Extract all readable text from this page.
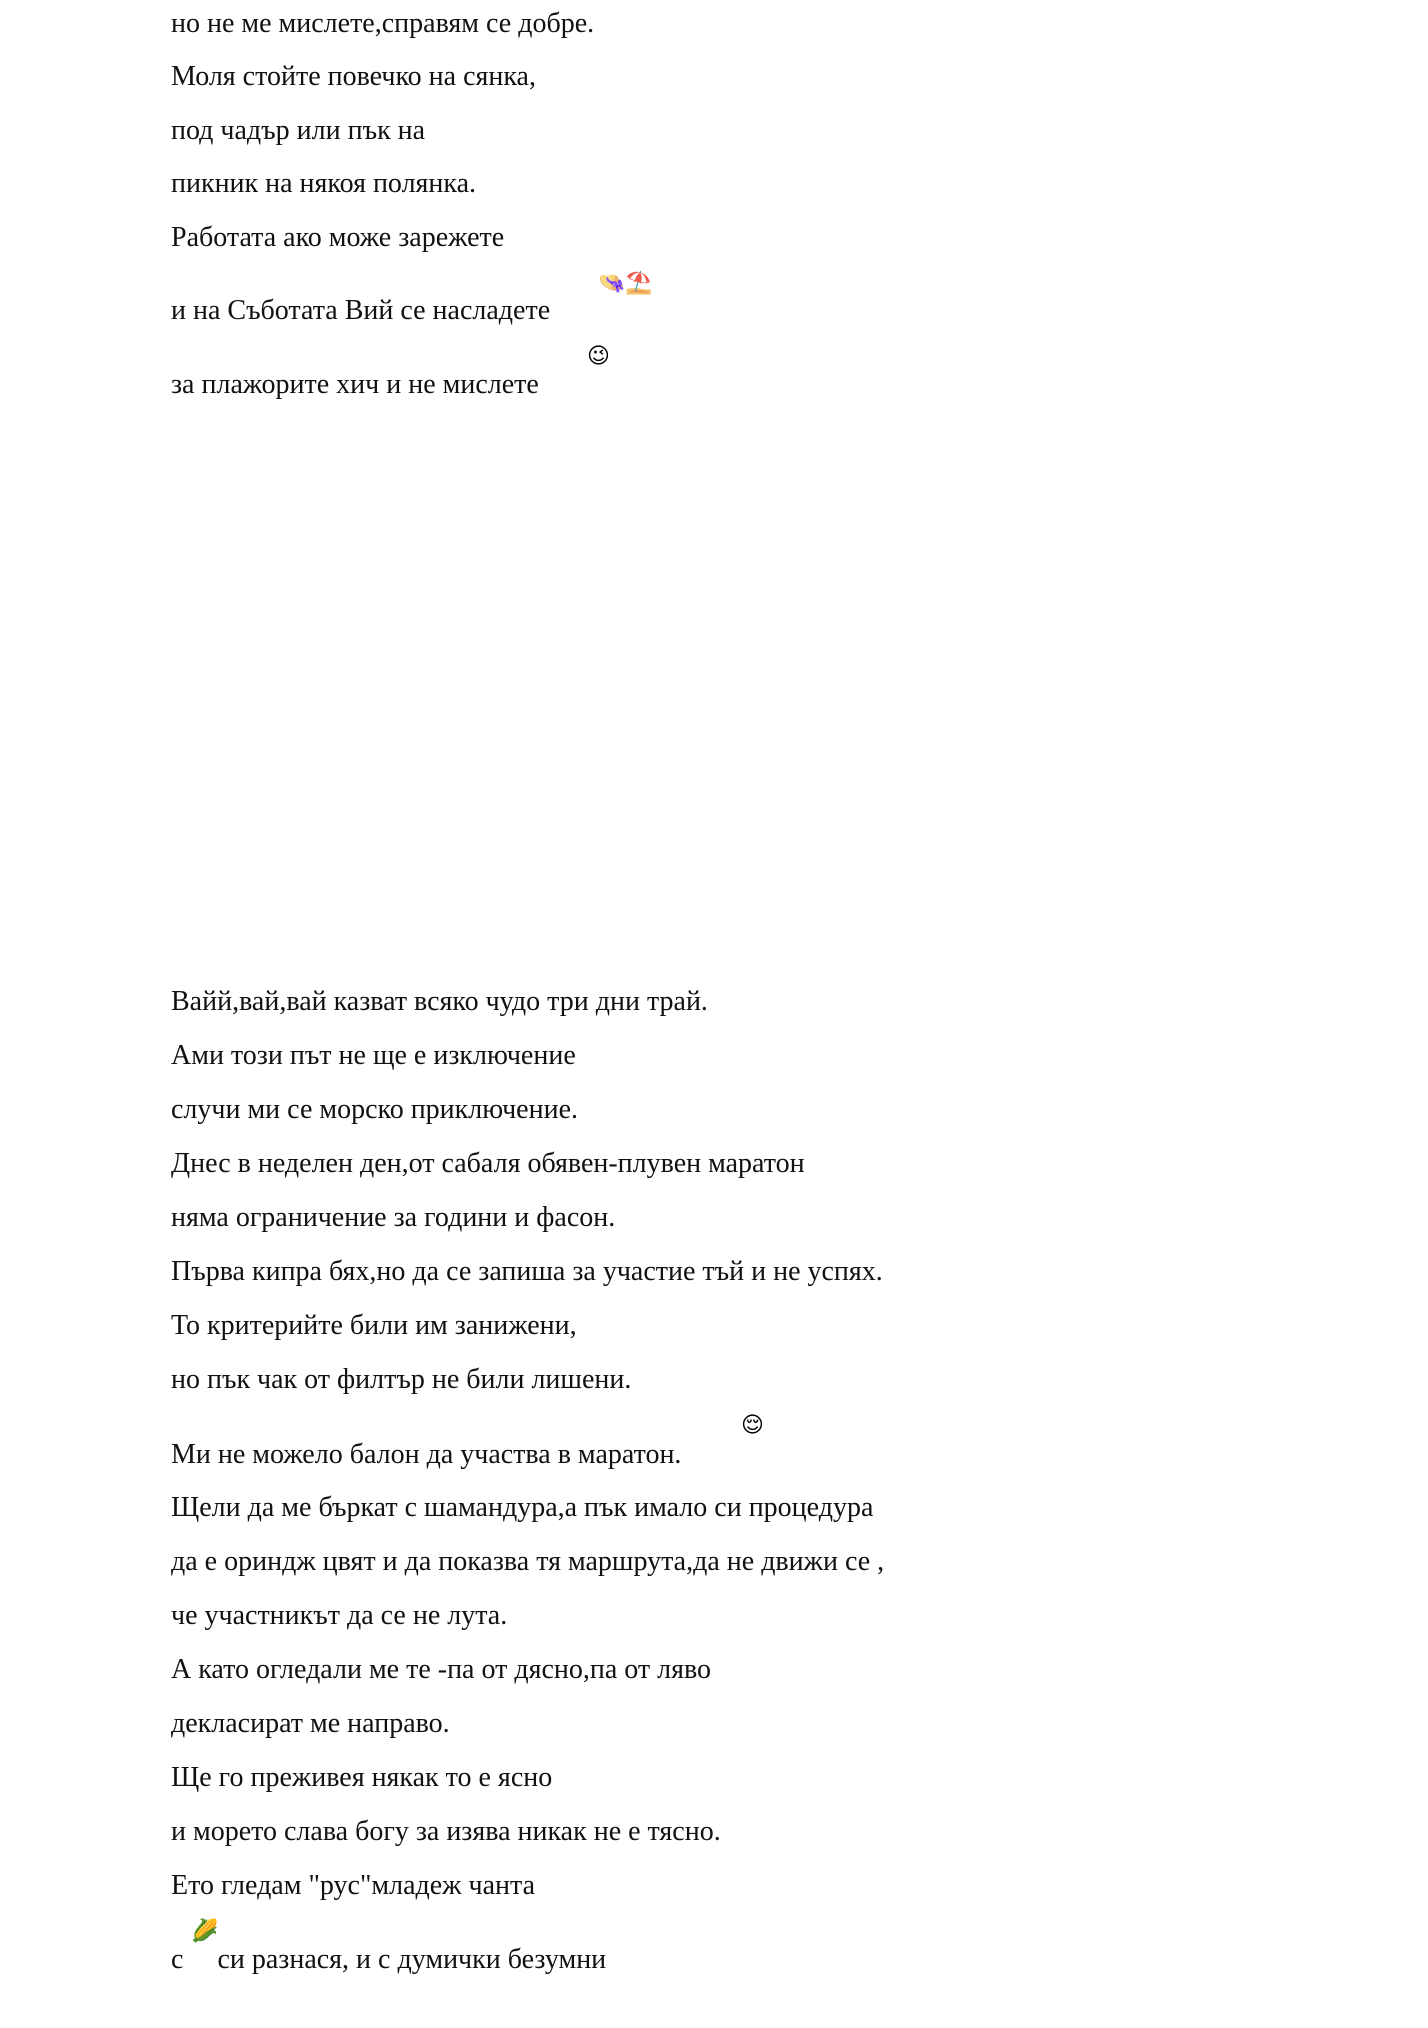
но не ме мислете,справям се добре.
Моля стойте повечко на сянка,
под чадър или пък на
пикник на някоя полянка.
Работата ако може зарежете
и на Съботата Вий се насладете
👒⛱️
за плажорите хич и не мислете
😉
Вайй,вай,вай казват всяко чудо три дни трай.
Ами този път не ще е изключение
случи ми се морско приключение.
Днес в неделен ден,от сабаля обявен-плувен маратон
няма ограничение за години и фасон.
Първа кипра бях,но да се запиша за участие тъй и не успях.
То критерийте били им занижени,
но пък чак от филтър не били лишени.
Ми не можело балон да участва в маратон.
😌
Щели да ме бъркат с шамандура,а пък имало си процедура
да е ориндж цвят и да показва тя маршрута,да не движи се ,
че участникът да се не лута.
А като огледали ме те -па от дясно,па от ляво
декласират ме направо.
Ще го преживея някак то е ясно
и морето слава богу за изява никак не е тясно.
Ето гледам "рус"младеж чанта
с си разнася, и с думички безумни
🌽
